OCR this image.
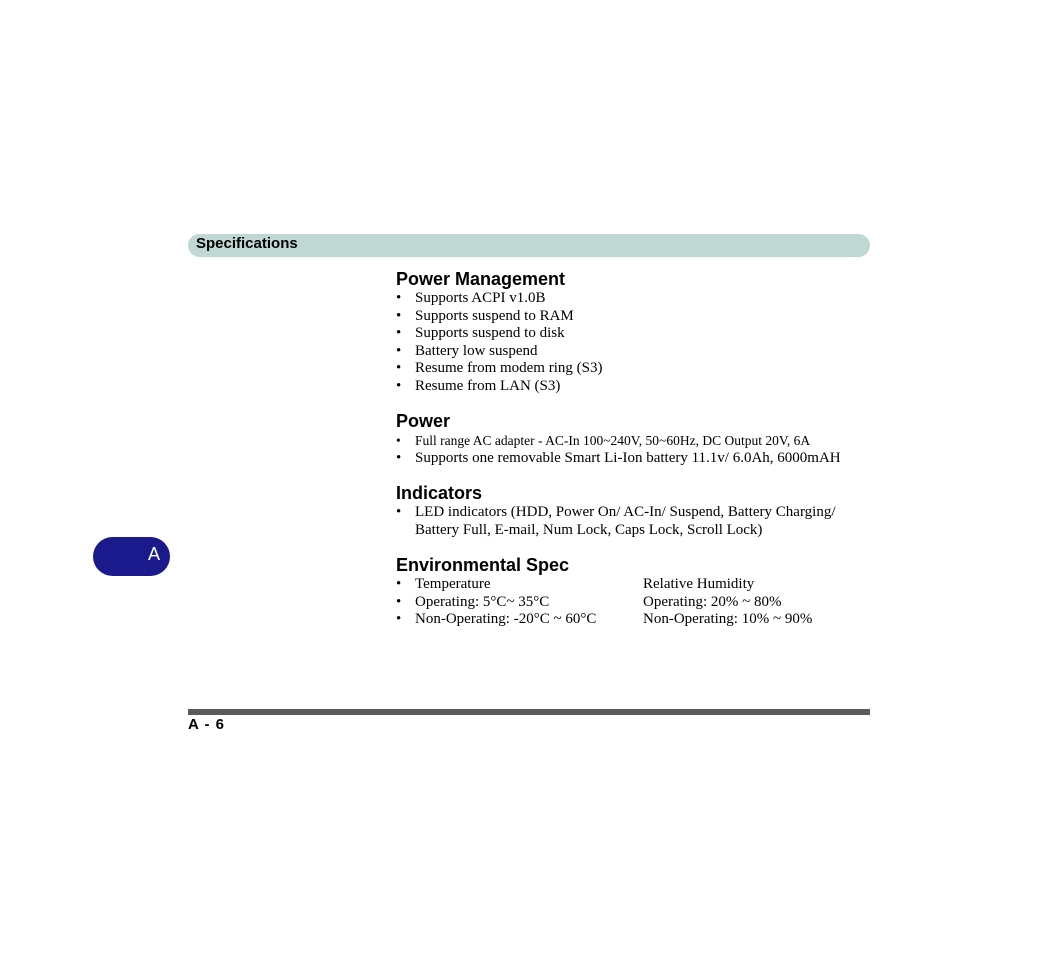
Specifications
Power Management
• Supports ACPI v1.0B
• Supports suspend to RAM
• Supports suspend to disk
• Battery low suspend
• Resume from modem ring (S3)
• Resume from LAN (S3)
Power
• Full range AC adapter - AC-In 100~240V, 50~60Hz, DC Output 20V, 6A
• Supports one removable Smart Li-Ion battery 11.1v/ 6.0Ah, 6000mAH
Indicators
• LED indicators (HDD, Power On/ AC-In/ Suspend, Battery Charging/ Battery Full, E-mail, Num Lock, Caps Lock, Scroll Lock)
Environmental Spec
• Temperature	Relative Humidity
• Operating: 5°C~ 35°C	Operating: 20% ~ 80%
• Non-Operating: -20°C ~ 60°C	Non-Operating: 10% ~ 90%
A
A - 6
